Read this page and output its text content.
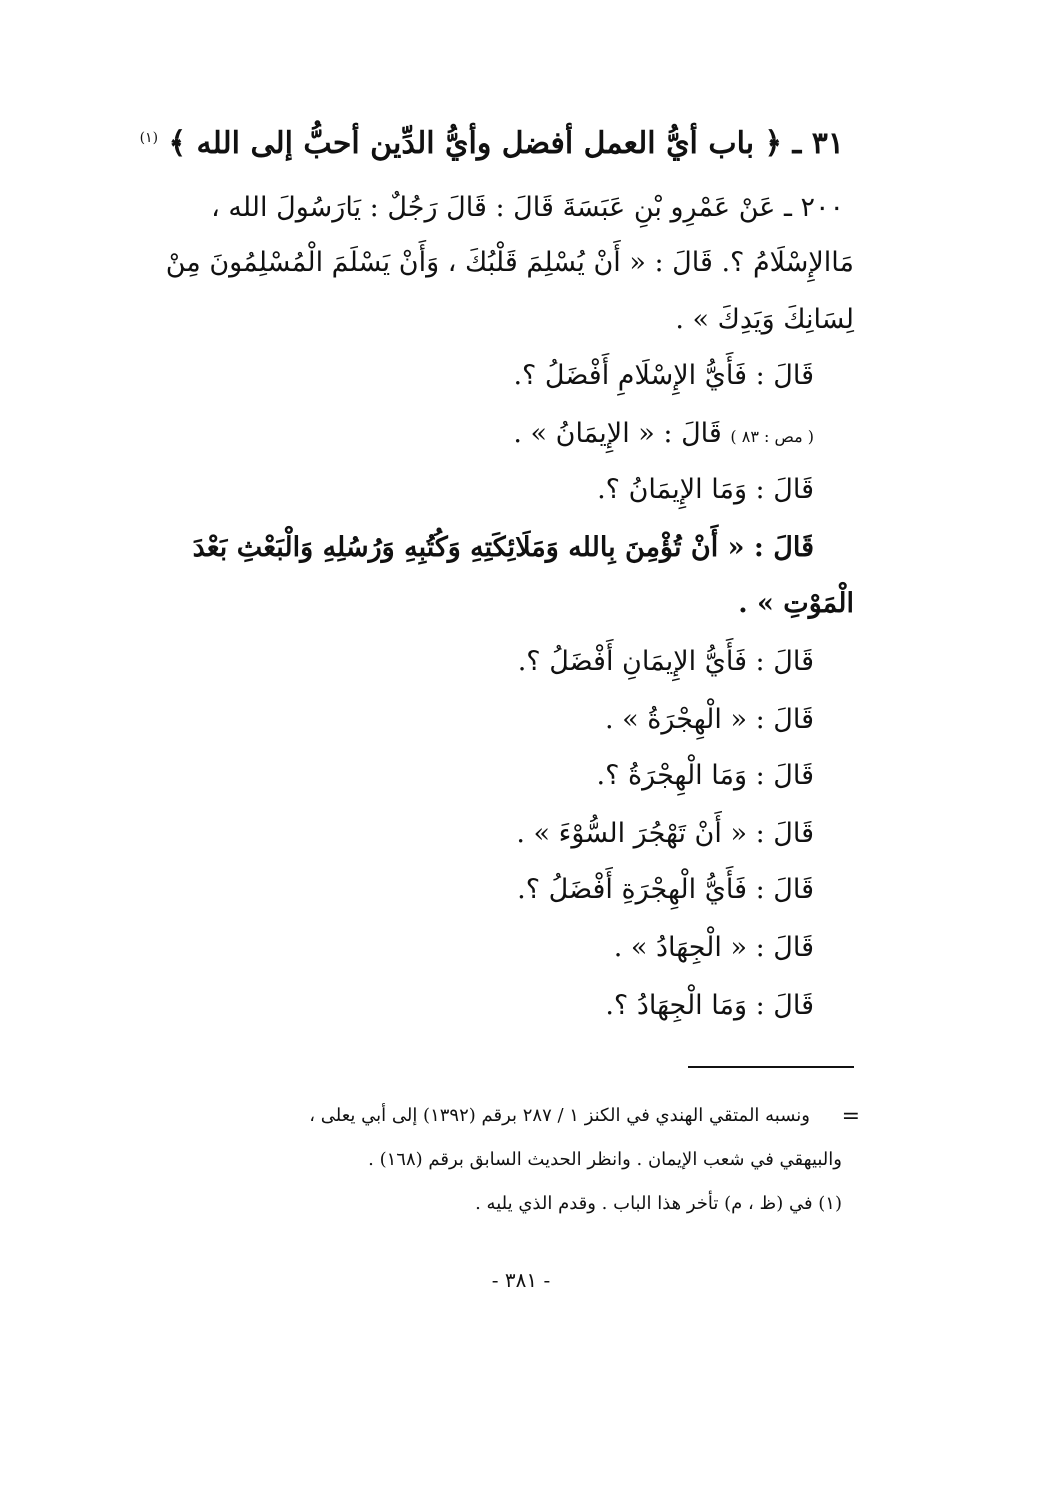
٣١ ـ ﴿ باب أيُّ العمل أفضل وأيُّ الدِّين أحبُّ إلى الله ﴾ $^{(١)}$
٢٠٠ ـ عَنْ عَمْرِو بْنِ عَبَسَةَ قَالَ : قَالَ رَجُلٌ : يَارَسُولَ الله ،
مَاالإِسْلَامُ ؟. قَالَ : « أَنْ يُسْلِمَ قَلْبُكَ ، وَأَنْ يَسْلَمَ الْمُسْلِمُونَ مِنْ
لِسَانِكَ وَيَدِكَ » .
قَالَ : فَأَيُّ الإِسْلَامِ أَفْضَلُ ؟.
( مص : ٨٣ ) قَالَ : « الإِيمَانُ » .
قَالَ : وَمَا الإِيمَانُ ؟.
قَالَ : « أَنْ تُؤْمِنَ بِالله وَمَلَائِكَتِهِ وَكُتُبِهِ وَرُسُلِهِ وَالْبَعْثِ بَعْدَ
الْمَوْتِ » .
قَالَ : فَأَيُّ الإِيمَانِ أَفْضَلُ ؟.
قَالَ : « الْهِجْرَةُ » .
قَالَ : وَمَا الْهِجْرَةُ ؟.
قَالَ : « أَنْ تَهْجُرَ السُّوْءَ » .
قَالَ : فَأَيُّ الْهِجْرَةِ أَفْضَلُ ؟.
قَالَ : « الْجِهَادُ » .
قَالَ : وَمَا الْجِهَادُ ؟.
=
ونسبه المتقي الهندي في الكنز ١ / ٢٨٧ برقم (١٣٩٢) إلى أبي يعلى ،
والبيهقي في شعب الإيمان . وانظر الحديث السابق برقم (١٦٨) .
(١) في (ظ ، م) تأخر هذا الباب . وقدم الذي يليه .
- ٣٨١ -
